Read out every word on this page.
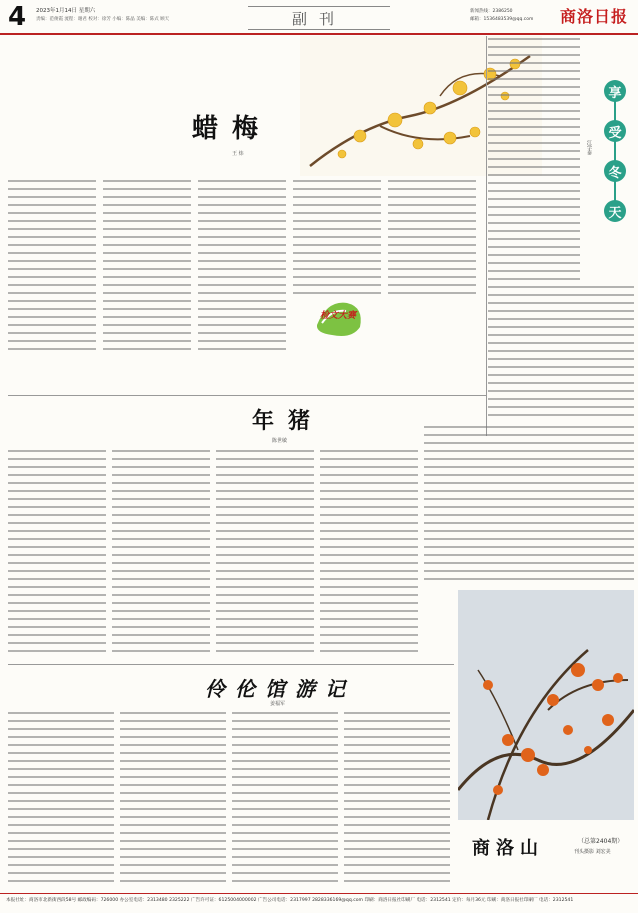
4 2023年1月14日 星期六
责编：范俊霞 流程：谢君 校对：徐芳 小编：陈晶 美编：陈式 顾天	副刊	新闻热线：2386250
邮箱：1536483539@qq.com 商洛日报
蜡梅
王 炜
享
受
冬
天
江学泰
检文大赛
年猪
陈世敏
伶伦馆游记
姜福军
商洛山	（总第2404期）
刊头摄影 刘宏美
本报社址：商洛市北新街西段58号 邮政编码：726000 办公室电话：2313480 2325222 广告许可证：6125004000002 广告公司电话：2317997 2828336169@qq.com 印刷：商洛日报社印刷厂 电话：2312541 定价：每月36元 印刷：商洛日报社印刷厂 电话：2312541
